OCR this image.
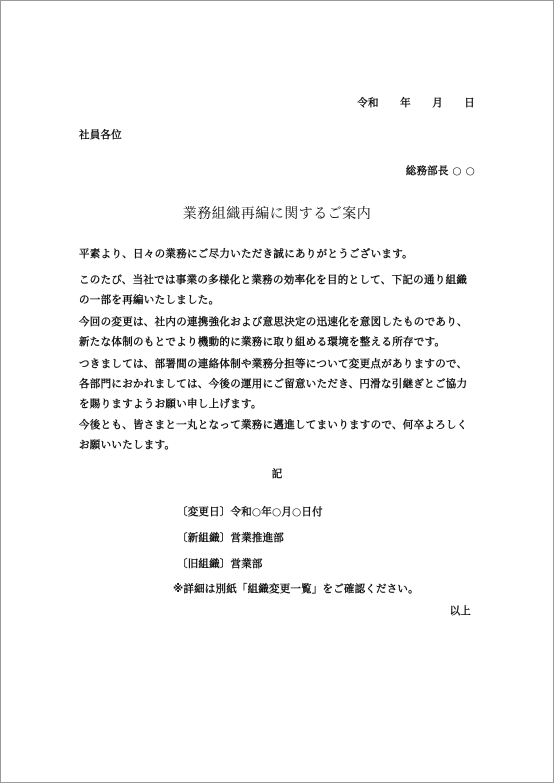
令和　　年　　月　　日
社員各位
総務部長 ○ ○
業務組織再編に関するご案内
平素より、日々の業務にご尽力いただき誠にありがとうございます。
このたび、当社では事業の多様化と業務の効率化を目的として、下記の通り組織の一部を再編いたしました。
今回の変更は、社内の連携強化および意思決定の迅速化を意図したものであり、新たな体制のもとでより機動的に業務に取り組める環境を整える所存です。
つきましては、部署間の連絡体制や業務分担等について変更点がありますので、各部門におかれましては、今後の運用にご留意いただき、円滑な引継ぎとご協力を賜りますようお願い申し上げます。
今後とも、皆さまと一丸となって業務に邁進してまいりますので、何卒よろしくお願いいたします。
記
〔変更日〕令和○年○月○日付
〔新組織〕営業推進部
〔旧組織〕営業部
※詳細は別紙「組織変更一覧」をご確認ください。
以上
